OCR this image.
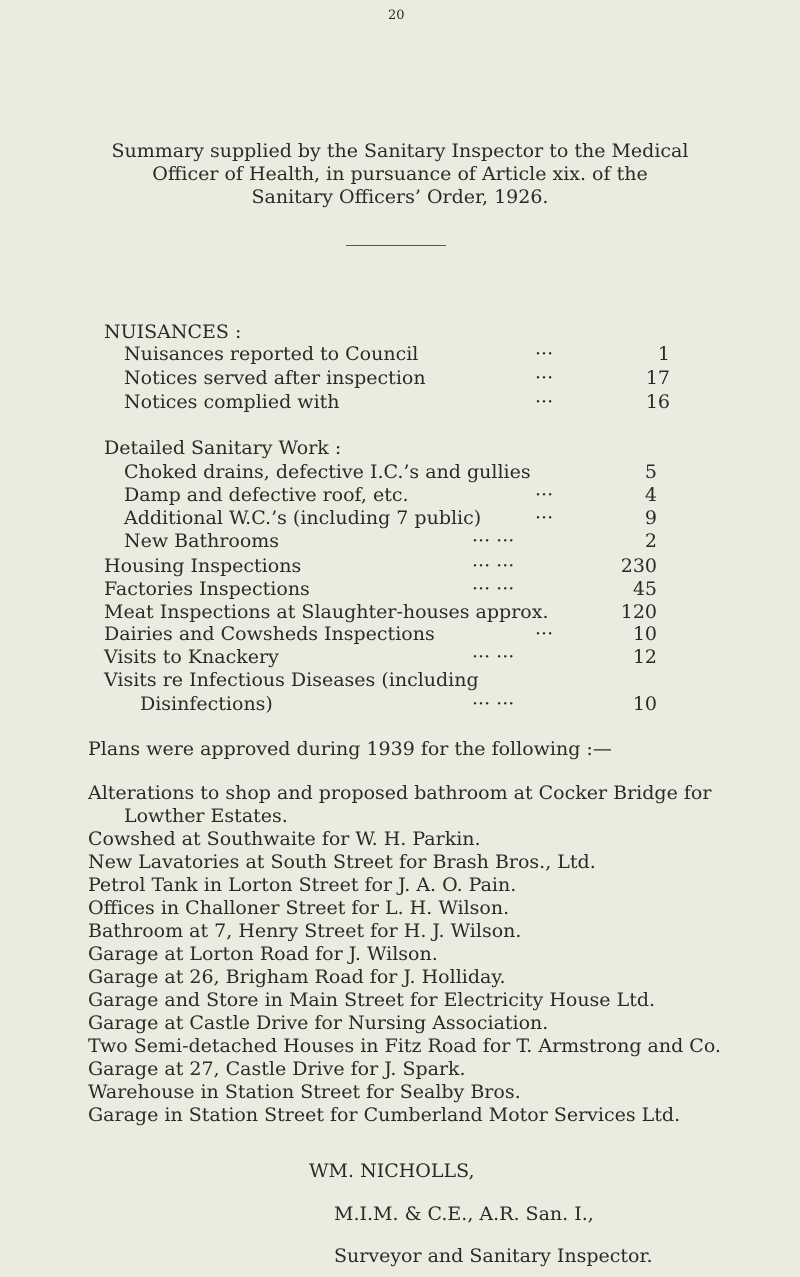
20
Summary supplied by the Sanitary Inspector to the Medical
Officer of Health, in pursuance of Article xix. of the
Sanitary Officers’ Order, 1926.
NUISANCES :
Nuisances reported to Council	···	1
Notices served after inspection	···	17
Notices complied with	···	16
Detailed Sanitary Work :
Choked drains, defective I.C.’s and gullies	5
Damp and defective roof, etc.	···	4
Additional W.C.’s (including 7 public)	···	9
New Bathrooms	··· ···	2
Housing Inspections	··· ···	230
Factories Inspections	··· ···	45
Meat Inspections at Slaughter-houses approx.	120
Dairies and Cowsheds Inspections	···	10
Visits to Knackery	··· ···	12
Visits re Infectious Diseases (including
Disinfections)	··· ···	10
Plans were approved during 1939 for the following :—
Alterations to shop and proposed bathroom at Cocker Bridge for
Lowther Estates.
Cowshed at Southwaite for W. H. Parkin.
New Lavatories at South Street for Brash Bros., Ltd.
Petrol Tank in Lorton Street for J. A. O. Pain.
Offices in Challoner Street for L. H. Wilson.
Bathroom at 7, Henry Street for H. J. Wilson.
Garage at Lorton Road for J. Wilson.
Garage at 26, Brigham Road for J. Holliday.
Garage and Store in Main Street for Electricity House Ltd.
Garage at Castle Drive for Nursing Association.
Two Semi-detached Houses in Fitz Road for T. Armstrong and Co.
Garage at 27, Castle Drive for J. Spark.
Warehouse in Station Street for Sealby Bros.
Garage in Station Street for Cumberland Motor Services Ltd.
WM. NICHOLLS,
M.I.M. & C.E., A.R. San. I.,
Surveyor and Sanitary Inspector.
